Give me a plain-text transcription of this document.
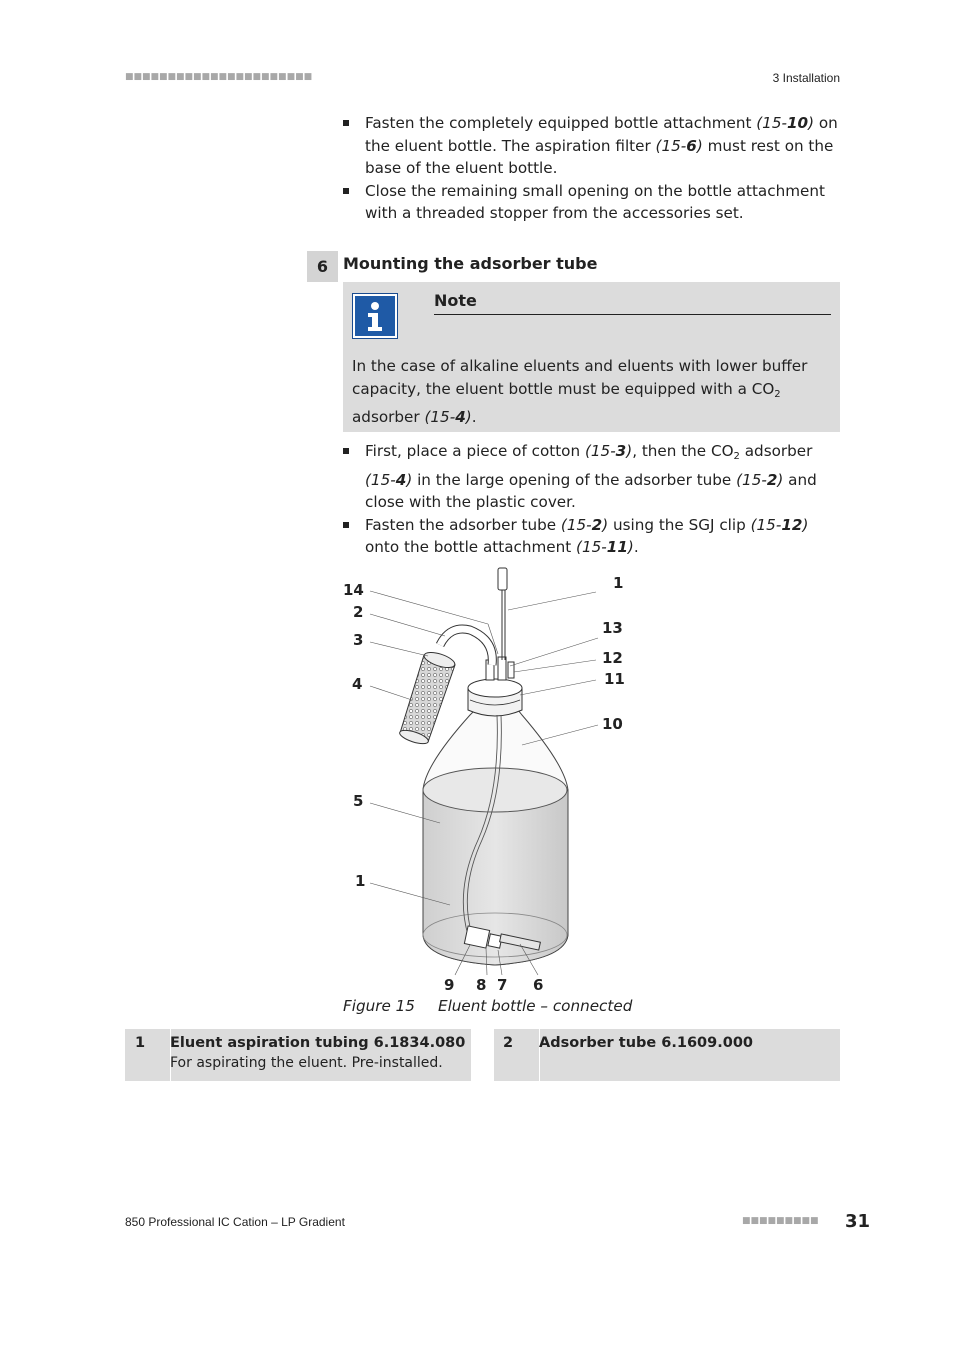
■■■■■■■■■■■■■■■■■■■■■■	3 Installation
Fasten the completely equipped bottle attachment (15-10) on the eluent bottle. The aspiration filter (15-6) must rest on the base of the eluent bottle.
Close the remaining small opening on the bottle attachment with a threaded stopper from the accessories set.
6 Mounting the adsorber tube
Note
In the case of alkaline eluents and eluents with lower buffer capacity, the eluent bottle must be equipped with a $CO_2$ adsorber (15-4).
First, place a piece of cotton (15-3), then the $CO_2$ adsorber (15-4) in the large opening of the adsorber tube (15-2) and close with the plastic cover.
Fasten the adsorber tube (15-2) using the SGJ clip (15-12) onto the bottle attachment (15-11).
14
2
3
4
5
1
1
13
12
11
10
9 8 7 6
Figure 15 Eluent bottle – connected
1 Eluent aspiration tubing 6.1834.080
For aspirating the eluent. Pre-installed.
2 Adsorber tube 6.1609.000
850 Professional IC Cation – LP Gradient	■■■■■■■■■ 31
